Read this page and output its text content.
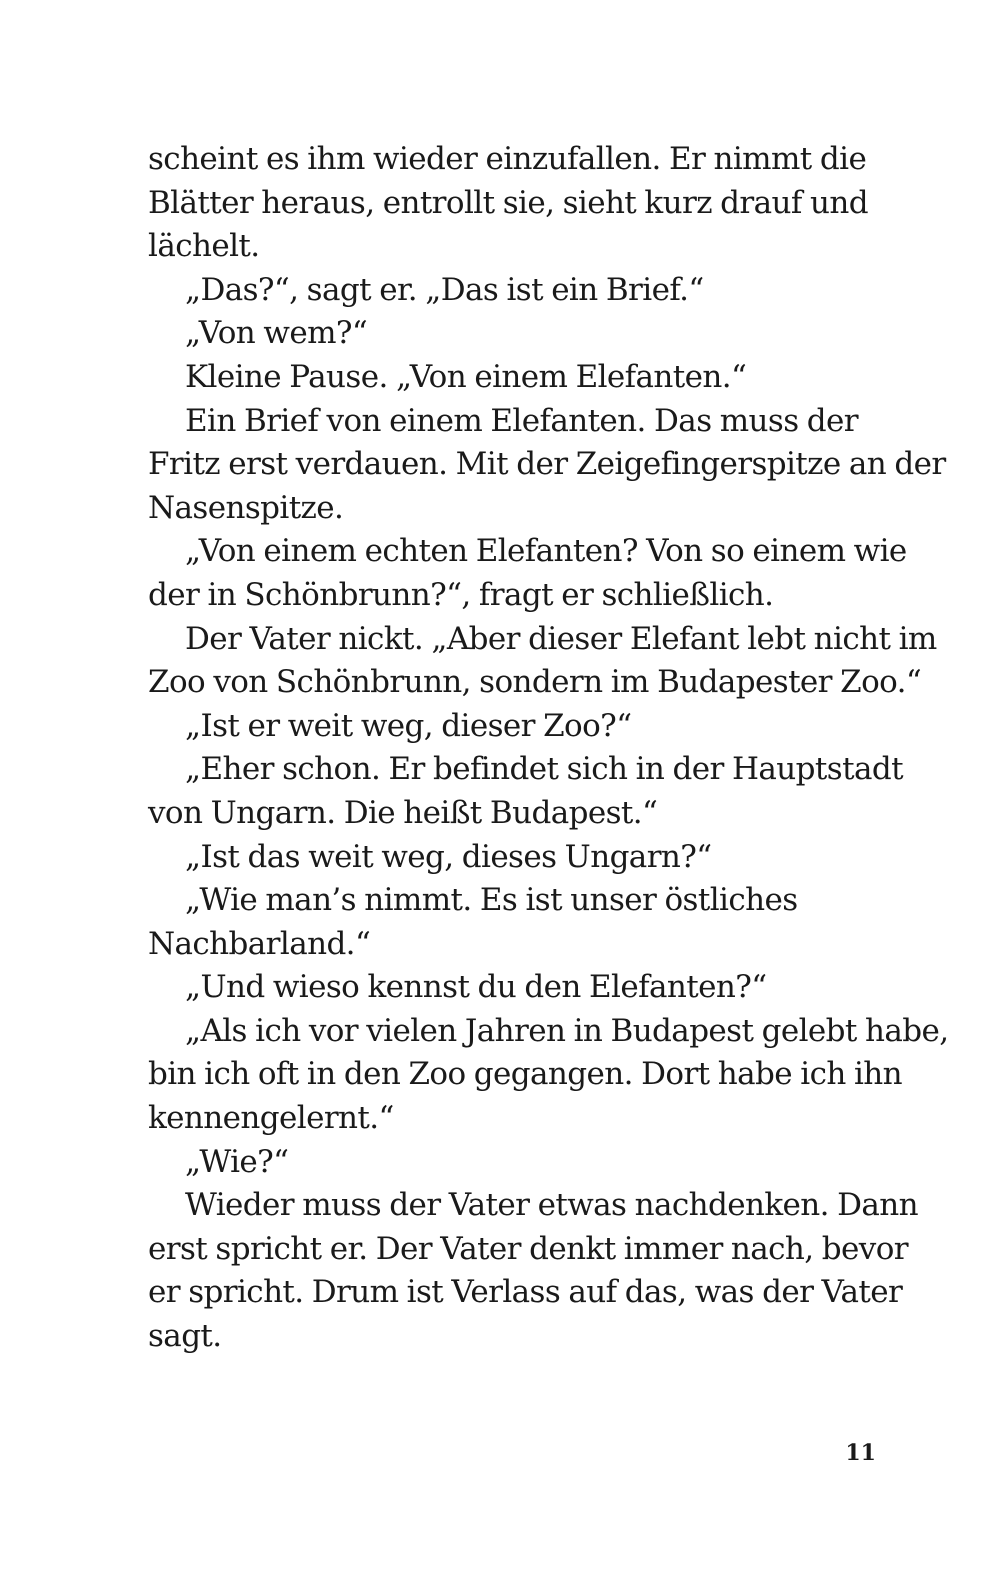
scheint es ihm wieder einzufallen. Er nimmt die
Blätter heraus, entrollt sie, sieht kurz drauf und
lächelt.
„Das?“, sagt er. „Das ist ein Brief.“
„Von wem?“
Kleine Pause. „Von einem Elefanten.“
Ein Brief von einem Elefanten. Das muss der
Fritz erst verdauen. Mit der Zeigefingerspitze an der
Nasenspitze.
„Von einem echten Elefanten? Von so einem wie
der in Schönbrunn?“, fragt er schließlich.
Der Vater nickt. „Aber dieser Elefant lebt nicht im
Zoo von Schönbrunn, sondern im Budapester Zoo.“
„Ist er weit weg, dieser Zoo?“
„Eher schon. Er befindet sich in der Hauptstadt
von Ungarn. Die heißt Budapest.“
„Ist das weit weg, dieses Ungarn?“
„Wie man’s nimmt. Es ist unser östliches
Nachbarland.“
„Und wieso kennst du den Elefanten?“
„Als ich vor vielen Jahren in Budapest gelebt habe,
bin ich oft in den Zoo gegangen. Dort habe ich ihn
kennengelernt.“
„Wie?“
Wieder muss der Vater etwas nachdenken. Dann
erst spricht er. Der Vater denkt immer nach, bevor
er spricht. Drum ist Verlass auf das, was der Vater
sagt.
11
